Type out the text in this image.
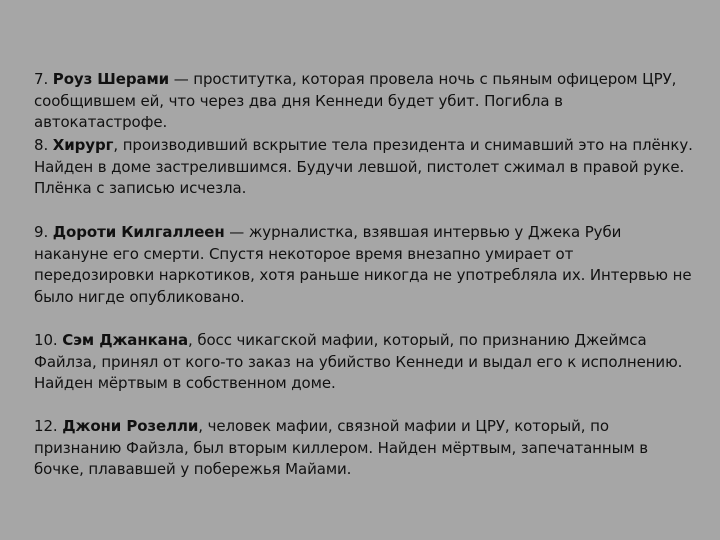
7. Роуз Шерами — проститутка, которая провела ночь с пьяным офицером ЦРУ, сообщившем ей, что через два дня Кеннеди будет убит. Погибла в автокатастрофе.

8. Хирург, производивший вскрытие тела президента и снимавший это на плёнку. Найден в доме застрелившимся. Будучи левшой, пистолет сжимал в правой руке. Плёнка с записью исчезла.

9. Дороти Килгаллеен — журналистка, взявшая интервью у Джека Руби накануне его смерти. Спустя некоторое время внезапно умирает от передозировки наркотиков, хотя раньше никогда не употребляла их. Интервью не было нигде опубликовано.

10. Сэм Джанкана, босс чикагской мафии, который, по признанию Джеймса Файлза, принял от кого-то заказ на убийство Кеннеди и выдал его к исполнению. Найден мёртвым в собственном доме.

12. Джони Розелли, человек мафии, связной мафии и ЦРУ, который, по признанию Файзла, был вторым киллером. Найден мёртвым, запечатанным в бочке, плававшей у побережья Майами.
